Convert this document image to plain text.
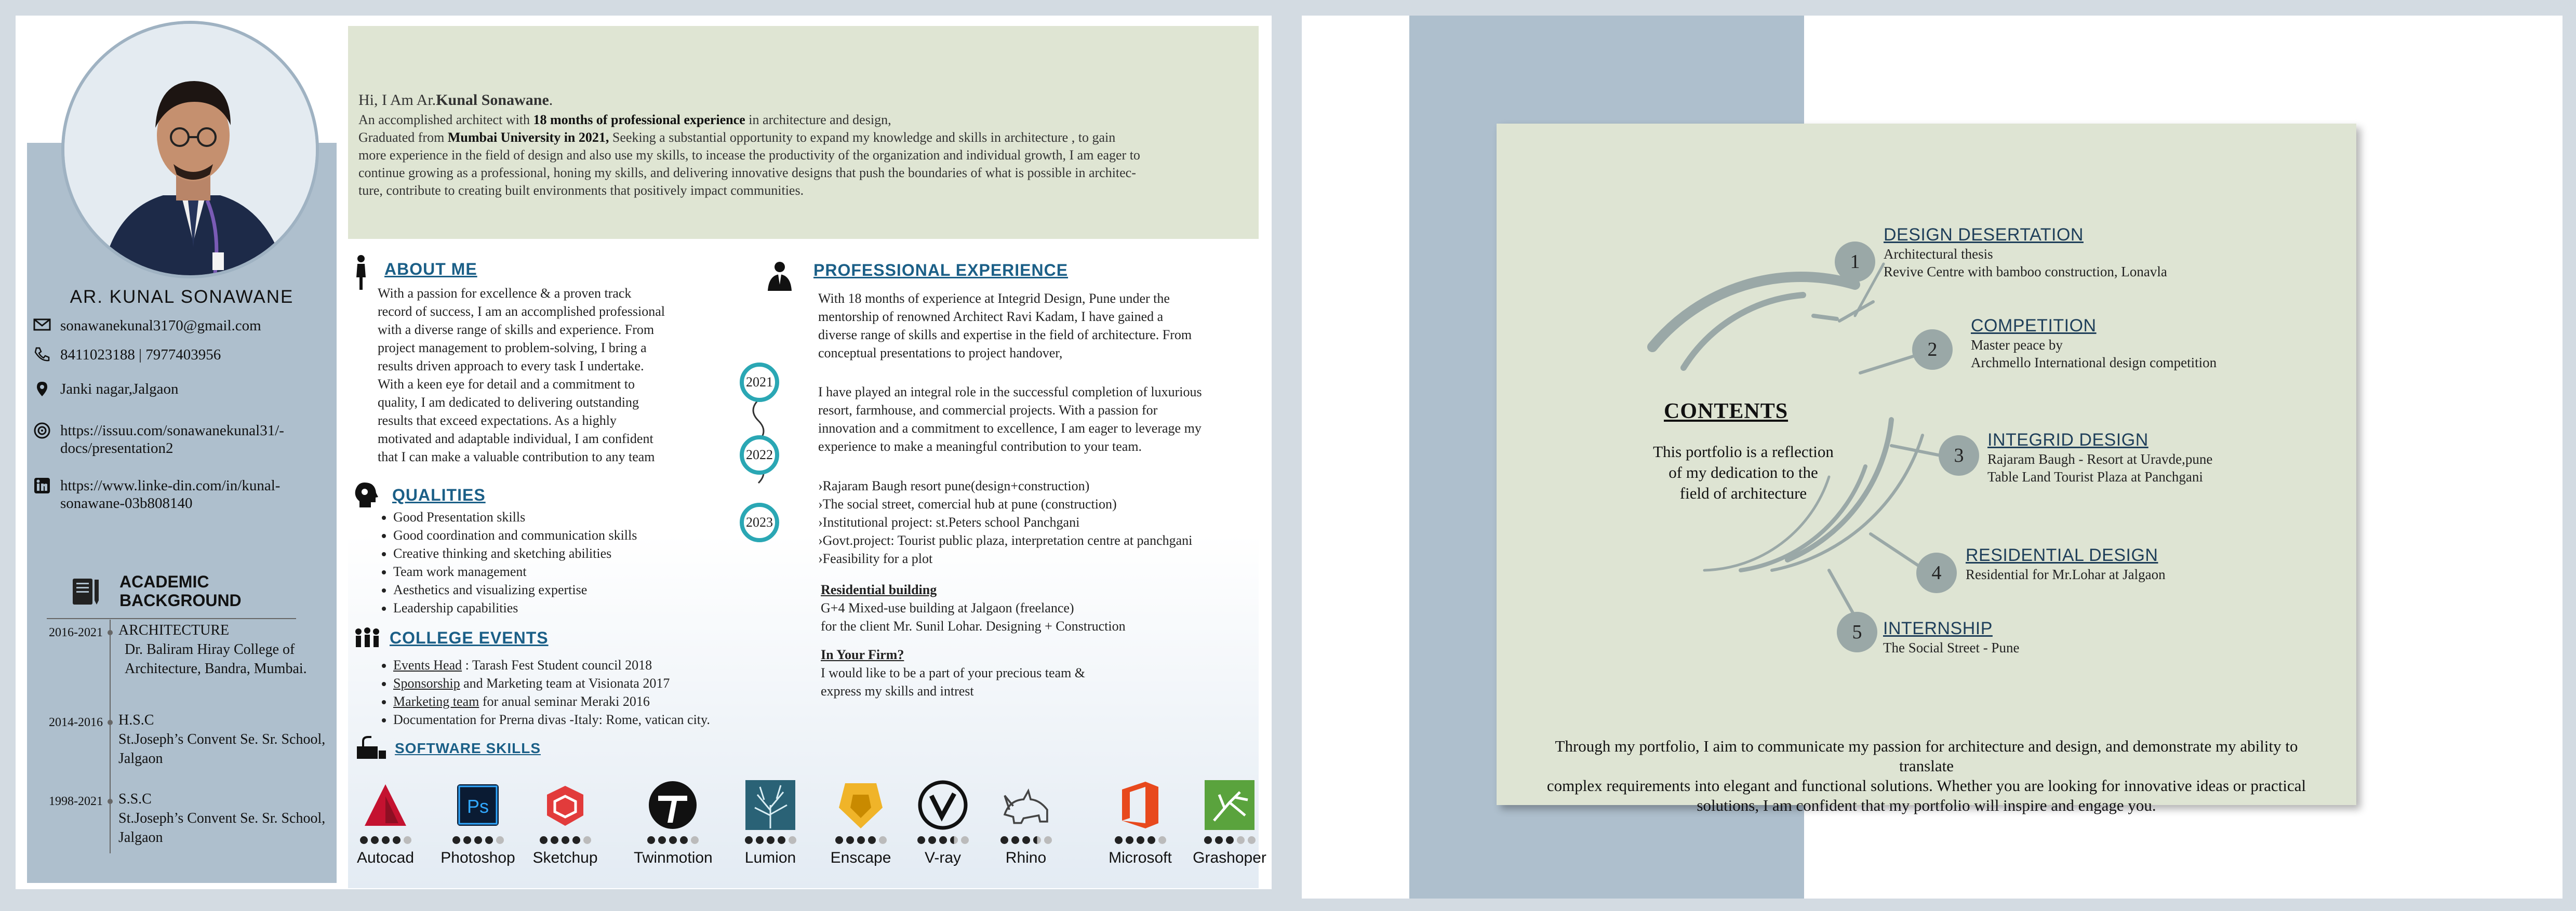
AR. KUNAL SONAWANE
sonawanekunal3170@gmail.com
8411023188 | 7977403956
Janki nagar,Jalgaon
https://issuu.com/sonawanekunal31/-docs/presentation2
https://www.linke-din.com/in/kunal-sonawane-03b808140
ACADEMIC BACKGROUND
2016-2021 ARCHITECTURE
Dr. Baliram Hiray College of Architecture, Bandra, Mumbai.
2014-2016 H.S.C
St.Joseph’s Convent Se. Sr. School, Jalgaon
1998-2021 S.S.C
St.Joseph’s Convent Se. Sr. School, Jalgaon

Hi, I Am Ar.Kunal Sonawane.

An accomplished architect with 18 months of professional experience in architecture and design,

Graduated from Mumbai University in 2021, Seeking a substantial opportunity to expand my knowledge and skills in architecture , to gain

more experience in the field of design and also use my skills, to incease the productivity of the organization and individual growth, I am eager to

continue growing as a professional, honing my skills, and delivering innovative designs that push the boundaries of what is possible in architec-

ture, contribute to creating built environments that positively impact communities.

ABOUT ME
With a passion for excellence & a proven track
record of success, I am an accomplished professional
with a diverse range of skills and experience. From
project management to problem-solving, I bring a
results driven approach to every task I undertake.
With a keen eye for detail and a commitment to
quality, I am dedicated to delivering outstanding
results that exceed expectations. As a highly
motivated and adaptable individual, I am confident
that I can make a valuable contribution to any team
QUALITIES
• Good Presentation skills
• Good coordination and communication skills
• Creative thinking and sketching abilities
• Team work management
• Aesthetics and visualizing expertise
• Leadership capabilities
COLLEGE EVENTS
• Events Head : Tarash Fest Student council 2018
• Sponsorship and Marketing team at Visionata 2017
• Marketing team for anual seminar Meraki 2016
• Documentation for Prerna divas -Italy: Rome, vatican city.
PROFESSIONAL EXPERIENCE
With 18 months of experience at Integrid Design, Pune under the
mentorship of renowned Architect Ravi Kadam, I have gained a
diverse range of skills and expertise in the field of architecture. From
conceptual presentations to project handover,
I have played an integral role in the successful completion of luxurious
resort, farmhouse, and commercial projects. With a passion for
innovation and a commitment to excellence, I am eager to leverage my
experience to make a meaningful contribution to your team.
2021
2022
2023
›Rajaram Baugh resort pune(design+construction)
›The social street, comercial hub at pune (construction)
›Institutional project: st.Peters school Panchgani
›Govt.project: Tourist public plaza, interpretation centre at panchgani
›Feasibility for a plot
Residential building
G+4 Mixed-use building at Jalgaon (freelance)
for the client Mr. Sunil Lohar. Designing + Construction
In Your Firm?
I would like to be a part of your precious team &
express my skills and intrest
SOFTWARE SKILLS
Autocad
Ps
Photoshop	Sketchup	Twinmotion	Lumion	Enscape	V-ray	Rhino	Microsoft	Grashoper
CONTENTS
This portfolio is a reflection of my dedication to the field of architecture
1
DESIGN DESERTATION
Architectural thesis
Revive Centre with bamboo construction, Lonavla
2
COMPETITION
Master peace by
Archmello International design competition
3
INTEGRID DESIGN
Rajaram Baugh - Resort at Uravde,pune
Table Land Tourist Plaza at Panchgani
4
RESIDENTIAL DESIGN
Residential for Mr.Lohar at Jalgaon
5	INTERNSHIP
The Social Street - Pune
Through my portfolio, I aim to communicate my passion for architecture and design, and demonstrate my ability to translate
complex requirements into elegant and functional solutions. Whether you are looking for innovative ideas or practical
solutions, I am confident that my portfolio will inspire and engage you.
